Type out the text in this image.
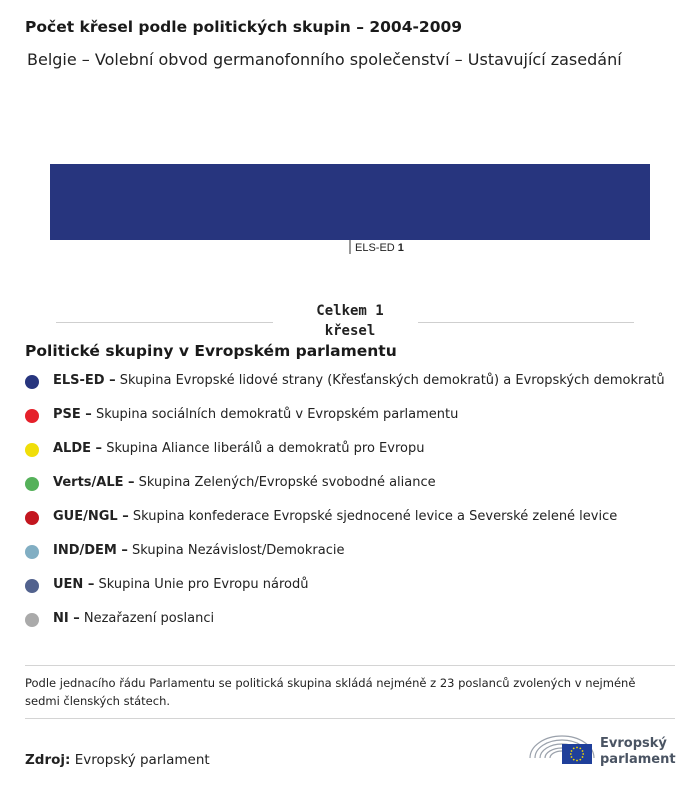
Počet křesel podle politických skupin – 2004-2009
Belgie – Volební obvod germanofonního společenství – Ustavující zasedání
ELS-ED 1
Celkem 1
křesel
Politické skupiny v Evropském parlamentu
ELS-ED – Skupina Evropské lidové strany (Křesťanských demokratů) a Evropských demokratů
PSE – Skupina sociálních demokratů v Evropském parlamentu
ALDE – Skupina Aliance liberálů a demokratů pro Evropu
Verts/ALE – Skupina Zelených/Evropské svobodné aliance
GUE/NGL – Skupina konfederace Evropské sjednocené levice a Severské zelené levice
IND/DEM – Skupina Nezávislost/Demokracie
UEN – Skupina Unie pro Evropu národů
NI – Nezařazení poslanci
Podle jednacího řádu Parlamentu se politická skupina skládá nejméně z 23 poslanců zvolených v nejméně sedmi členských státech.
Zdroj: Evropský parlament
Evropský
parlament
